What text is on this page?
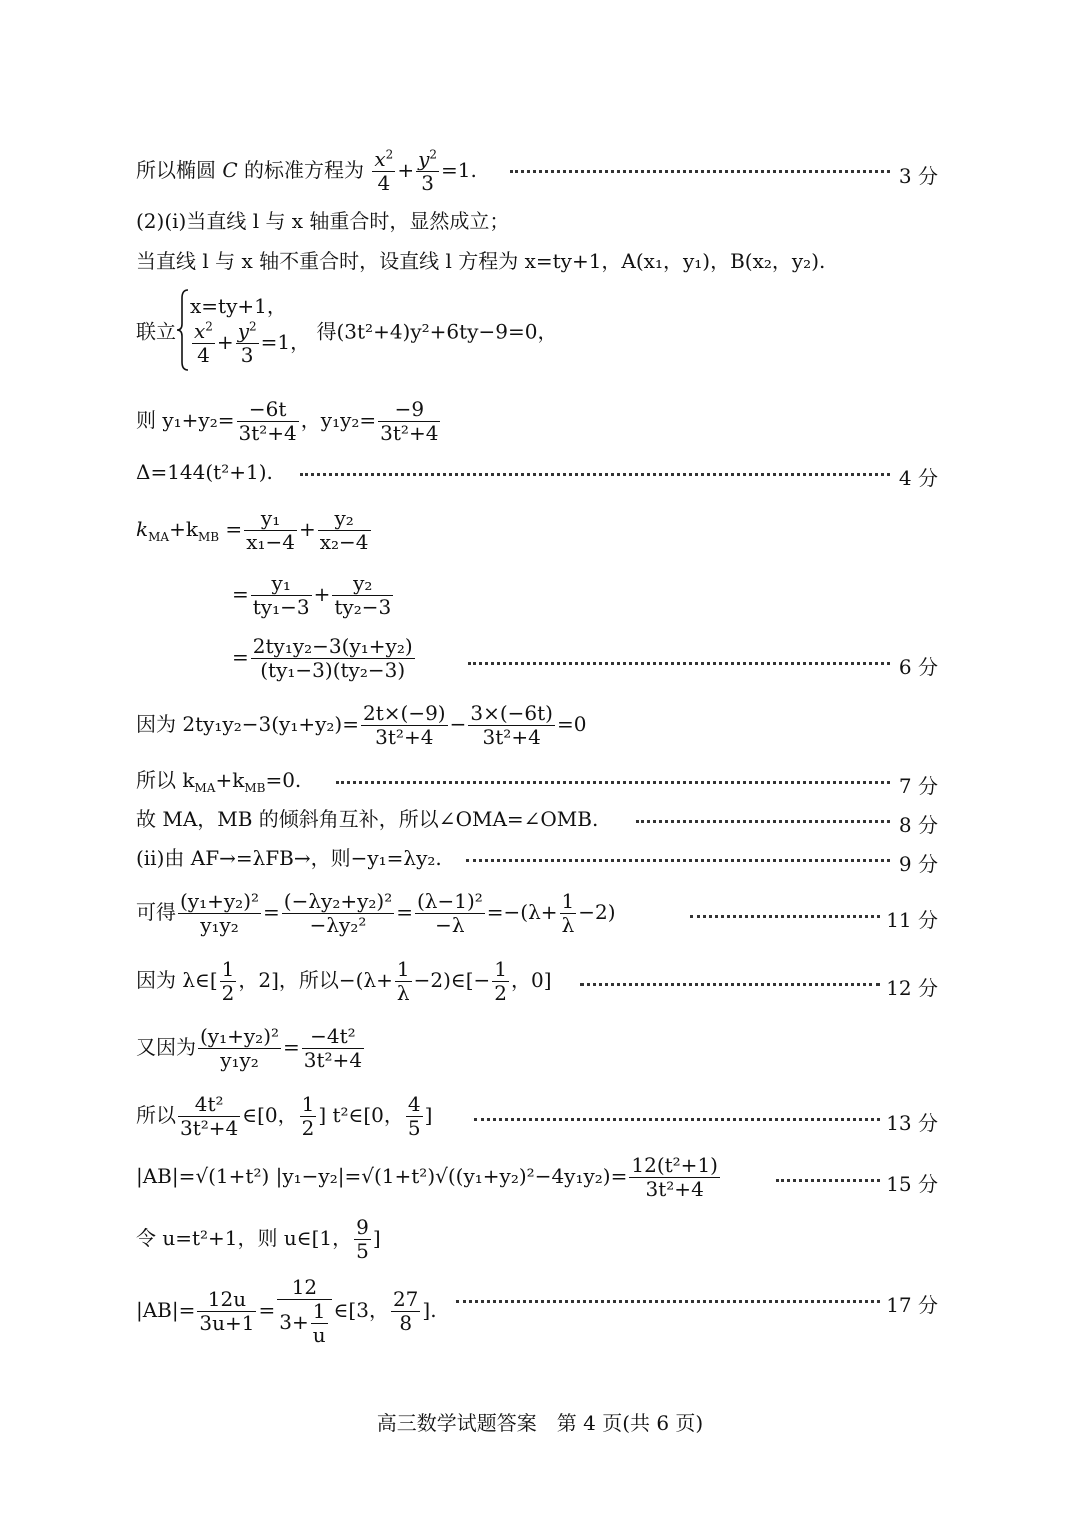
所以椭圆 C 的标准方程为 $\frac{x^2}{4} + \frac{y^2}{3} =1$.	3 分
(2)(ⅰ)当直线 l 与 x 轴重合时，显然成立；
当直线 l 与 x 轴不重合时，设直线 l 方程为 x=ty+1，A(x₁，y₁)，B(x₂，y₂).
联立
x=ty+1，
$\frac{x^2}{4} + \frac{y^2}{3} =1$， 得(3t²+4)y²+6ty−9=0，
则 $y_1+y_2= \frac{-6t}{\text{3t²+4}}$ ，$y_1y_2= \frac{-9}{\text{3t²+4}}$
Δ=144(t²+1).	4 分
$k_{MA}+k_{MB} = \frac{\text{y₁}}{\text{x₁−4}} + \frac{\text{y₂}}{\text{x₂−4}}$
= $\frac{\text{y₁}}{\text{ty₁−3}} + \frac{\text{y₂}}{\text{ty₂−3}}$
= $\frac{\text{2ty₁y₂−3(y₁+y₂)}}{\text{(ty₁−3)(ty₂−3)}}$	6 分
因为 $2ty_1y_2-3(y_1+y_2)= \frac{2t\times(-9)}{\text{3t²+4}} - \frac{3\times(-6t)}{\text{3t²+4}} =0$
所以 $k_{MA}+k_{MB}=0$.	7 分
故 MA，MB 的倾斜角互补，所以∠OMA=∠OMB.	8 分
(ⅱ)由 AF→=λFB→，则−y₁=λy₂.	9 分
可得 $\frac{\text{(y₁+y₂)²}}{\text{y₁y₂}} = \frac{\text{(−λy₂+y₂)²}}{\text{−λy₂²}} = \frac{\text{(λ−1)²}}{-\lambda} =-(\lambda+ \frac{1}{\lambda} -2)$	11 分
因为 λ∈[ $\frac{1}{2}$ ，2]，所以$-(\lambda+ \frac{1}{\lambda}$ −2)∈[− $\frac{1}{2}$ ，0]	12 分
又因为 $\frac{\text{(y₁+y₂)²}}{\text{y₁y₂}} = \frac{\text{−4t²}}{\text{3t²+4}}$
所以 $\frac{\text{4t²}}{\text{3t²+4}}$ ∈[0， $\frac{1}{2}$ ] t²∈[0， $\frac{4}{5}$ ]	13 分
|AB|=√(1+t²) $|y_1-y_2|=√(1+t^2)√((y_1+y_2)^2-4y_1y_2)= \frac{\text{12(t²+1)}}{\text{3t²+4}}$	15 分
令 u=t²+1，则 u∈[1， $\frac{9}{5}$ ]
$|AB|= \frac{12u}{3u+1} = \frac{12}{3+ \frac{1}{u}}$ ∈[3， $\frac{27}{8}$ ].	17 分
高三数学试题答案　第 4 页(共 6 页)
